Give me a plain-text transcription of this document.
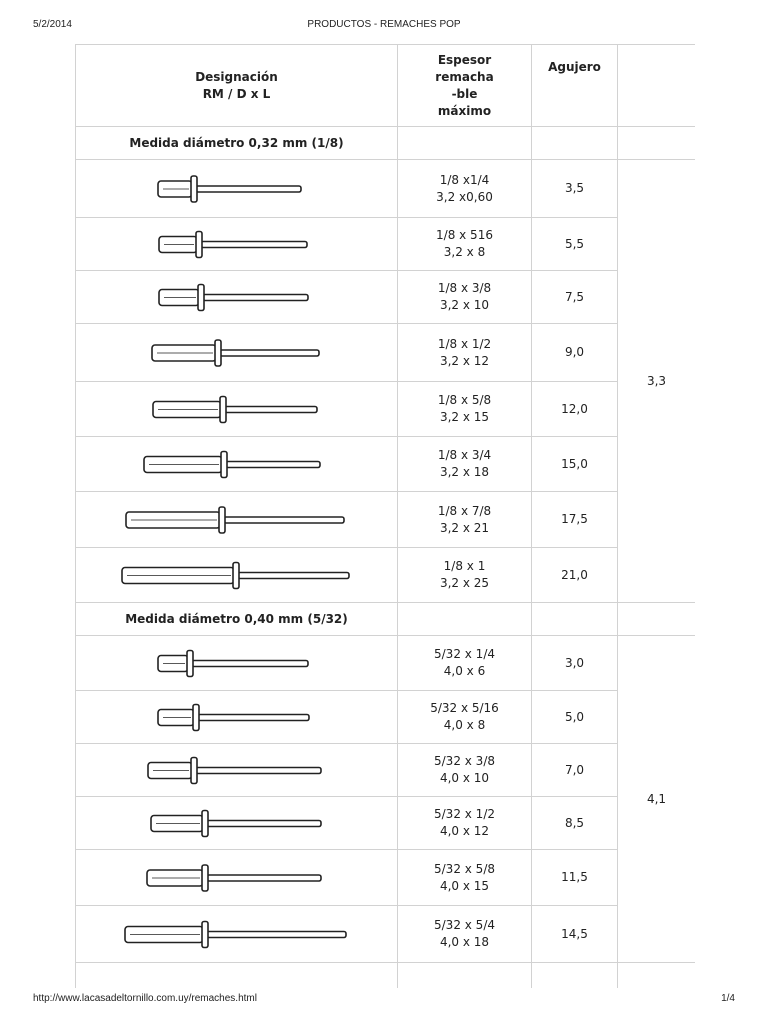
5/2/2014	PRODUCTOS - REMACHES POP
Designación
RM / D x L	Espesor
remacha
-ble
máximo	Agujero	
Medida diámetro 0,32 mm (1/8)			

1/8 x1/4
3,2 x0,60	3,5	3,3

1/8 x 516
3,2 x 8	5,5	

1/8 x 3/8
3,2 x 10	7,5	

1/8 x 1/2
3,2 x 12	9,0	

1/8 x 5/8
3,2 x 15	12,0	

1/8 x 3/4
3,2 x 18	15,0	

1/8 x 7/8
3,2 x 21	17,5	

1/8 x 1
3,2 x 25	21,0	
Medida diámetro 0,40 mm (5/32)			

5/32 x 1/4
4,0 x 6	3,0	4,1

5/32 x 5/16
4,0 x 8	5,0	

5/32 x 3/8
4,0 x 10	7,0	

5/32 x 1/2
4,0 x 12	8,5	

5/32 x 5/8
4,0 x 15	11,5	

5/32 x 5/4
4,0 x 18	14,5	

http://www.lacasadeltornillo.com.uy/remaches.html	1/4
